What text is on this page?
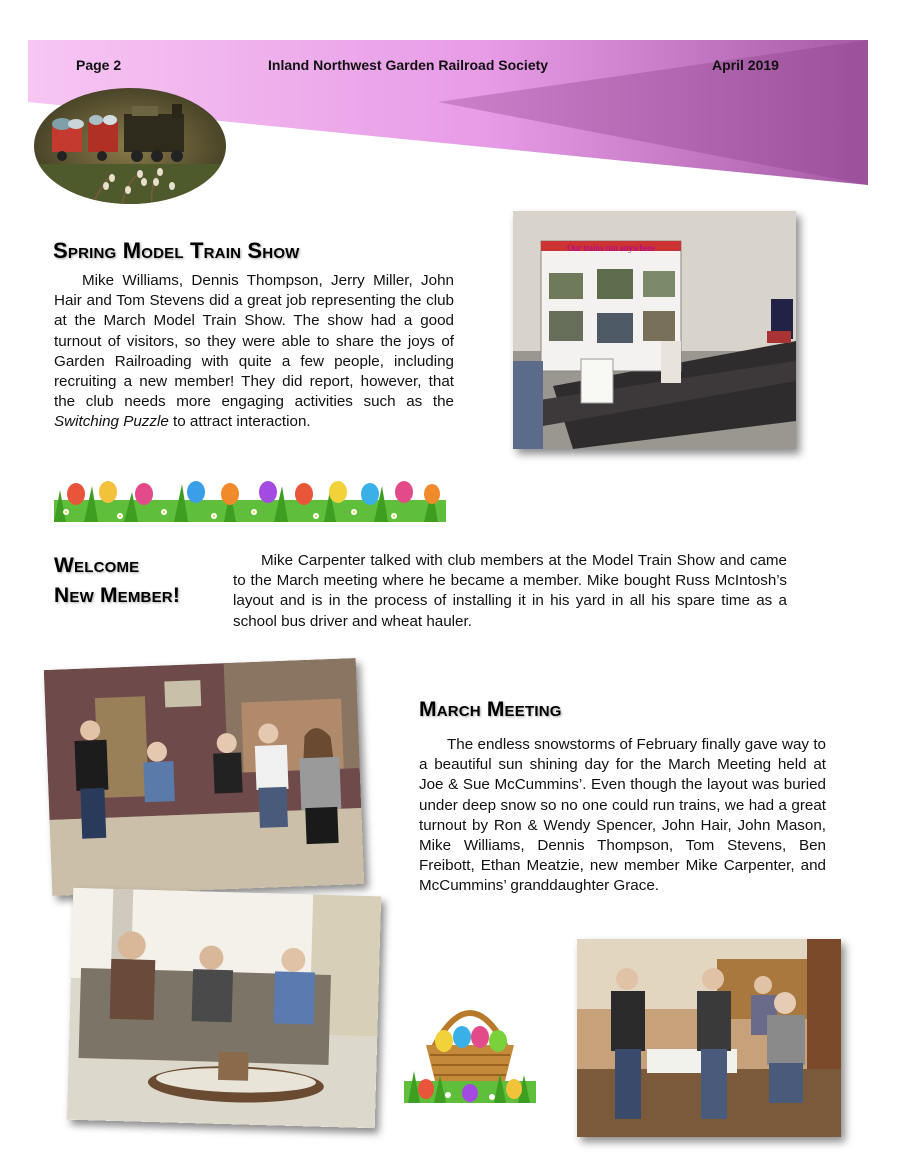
Page 2	Inland Northwest Garden Railroad Society	April 2019
Spring Model Train Show

Mike Williams, Dennis Thompson, Jerry Miller, John Hair and Tom Stevens did a great job representing the club at the March Model Train Show. The show had a good turnout of visitors, so they were able to share the joys of Garden Railroading with quite a few people, including recruiting a new member! They did report, however, that the club needs more engaging activities such as the Switching Puzzle to attract interaction.

Our trains run anywhere
Welcome
New Member!

Mike Carpenter talked with club members at the Model Train Show and came to the March meeting where he became a member. Mike bought Russ McIntosh’s layout and is in the process of installing it in his yard in all his spare time as a school bus driver and wheat hauler.

March Meeting

The endless snowstorms of February finally gave way to a beautiful sun shining day for the March Meeting held at Joe & Sue McCummins’. Even though the layout was buried under deep snow so no one could run trains, we had a great turnout by Ron & Wendy Spencer, John Hair, John Mason, Mike Williams, Dennis Thompson, Tom Stevens, Ben Freibott, Ethan Meatzie, new member Mike Carpenter, and McCummins’ granddaughter Grace.
